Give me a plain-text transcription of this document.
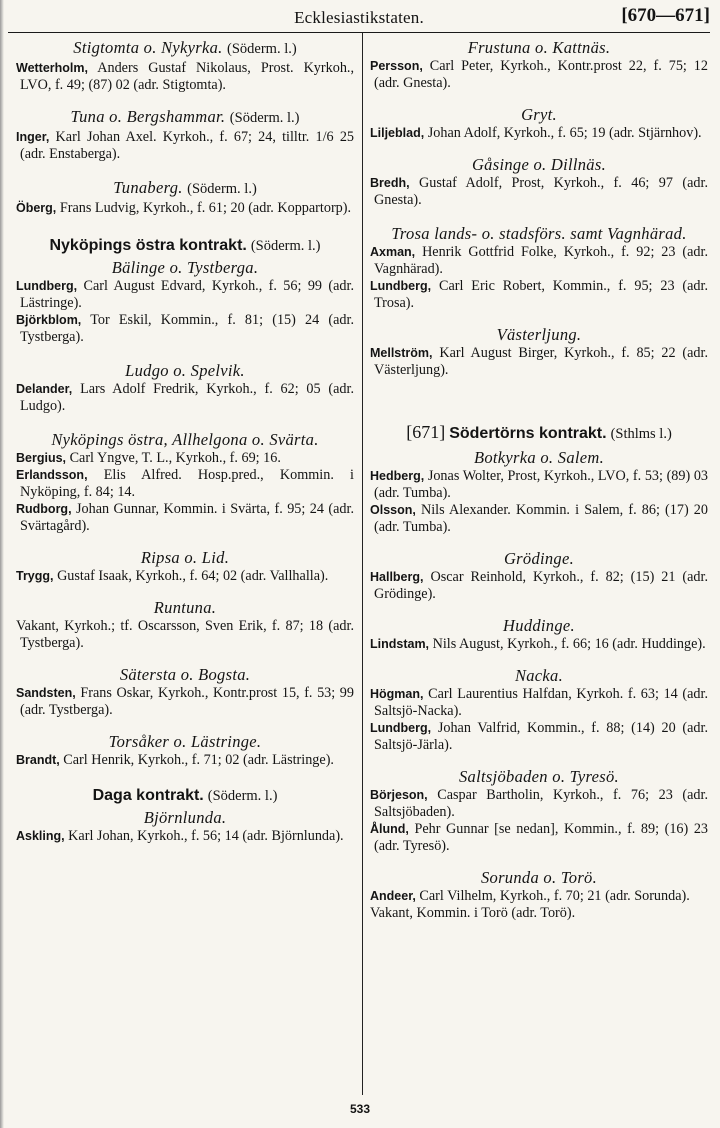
Ecklesiastikstaten.	[670—671]
Stigtomta o. Nykyrka. (Söderm. l.)
Wetterholm, Anders Gustaf Nikolaus, Prost. Kyrkoh., LVO, f. 49; (87) 02 (adr. Stigtomta).
Tuna o. Bergshammar. (Söderm. l.)
Inger, Karl Johan Axel. Kyrkoh., f. 67; 24, tilltr. 1/6 25 (adr. Enstaberga).
Tunaberg. (Söderm. l.)
Öberg, Frans Ludvig, Kyrkoh., f. 61; 20 (adr. Koppartorp).
Nyköpings östra kontrakt. (Söderm. l.)
Bälinge o. Tystberga.
Lundberg, Carl August Edvard, Kyrkoh., f. 56; 99 (adr. Lästringe).
Björkblom, Tor Eskil, Kommin., f. 81; (15) 24 (adr. Tystberga).
Ludgo o. Spelvik.
Delander, Lars Adolf Fredrik, Kyrkoh., f. 62; 05 (adr. Ludgo).
Nyköpings östra, Allhelgona o. Svärta.
Bergius, Carl Yngve, T. L., Kyrkoh., f. 69; 16.
Erlandsson, Elis Alfred. Hosp.pred., Kommin. i Nyköping, f. 84; 14.
Rudborg, Johan Gunnar, Kommin. i Svärta, f. 95; 24 (adr. Svärtagård).
Ripsa o. Lid.
Trygg, Gustaf Isaak, Kyrkoh., f. 64; 02 (adr. Vallhalla).
Runtuna.
Vakant, Kyrkoh.; tf. Oscarsson, Sven Erik, f. 87; 18 (adr. Tystberga).
Sätersta o. Bogsta.
Sandsten, Frans Oskar, Kyrkoh., Kontr.prost 15, f. 53; 99 (adr. Tystberga).
Torsåker o. Lästringe.
Brandt, Carl Henrik, Kyrkoh., f. 71; 02 (adr. Lästringe).
Daga kontrakt. (Söderm. l.)
Björnlunda.
Askling, Karl Johan, Kyrkoh., f. 56; 14 (adr. Björnlunda).
Frustuna o. Kattnäs.
Persson, Carl Peter, Kyrkoh., Kontr.prost 22, f. 75; 12 (adr. Gnesta).
Gryt.
Liljeblad, Johan Adolf, Kyrkoh., f. 65; 19 (adr. Stjärnhov).
Gåsinge o. Dillnäs.
Bredh, Gustaf Adolf, Prost, Kyrkoh., f. 46; 97 (adr. Gnesta).
Trosa lands- o. stadsförs. samt Vagnhärad.
Axman, Henrik Gottfrid Folke, Kyrkoh., f. 92; 23 (adr. Vagnhärad).
Lundberg, Carl Eric Robert, Kommin., f. 95; 23 (adr. Trosa).
Västerljung.
Mellström, Karl August Birger, Kyrkoh., f. 85; 22 (adr. Västerljung).
[671] Södertörns kontrakt. (Sthlms l.)
Botkyrka o. Salem.
Hedberg, Jonas Wolter, Prost, Kyrkoh., LVO, f. 53; (89) 03 (adr. Tumba).
Olsson, Nils Alexander. Kommin. i Salem, f. 86; (17) 20 (adr. Tumba).
Grödinge.
Hallberg, Oscar Reinhold, Kyrkoh., f. 82; (15) 21 (adr. Grödinge).
Huddinge.
Lindstam, Nils August, Kyrkoh., f. 66; 16 (adr. Huddinge).
Nacka.
Högman, Carl Laurentius Halfdan, Kyrkoh. f. 63; 14 (adr. Saltsjö-Nacka).
Lundberg, Johan Valfrid, Kommin., f. 88; (14) 20 (adr. Saltsjö-Järla).
Saltsjöbaden o. Tyresö.
Börjeson, Caspar Bartholin, Kyrkoh., f. 76; 23 (adr. Saltsjöbaden).
Ålund, Pehr Gunnar [se nedan], Kommin., f. 89; (16) 23 (adr. Tyresö).
Sorunda o. Torö.
Andeer, Carl Vilhelm, Kyrkoh., f. 70; 21 (adr. Sorunda).
Vakant, Kommin. i Torö (adr. Torö).
533
